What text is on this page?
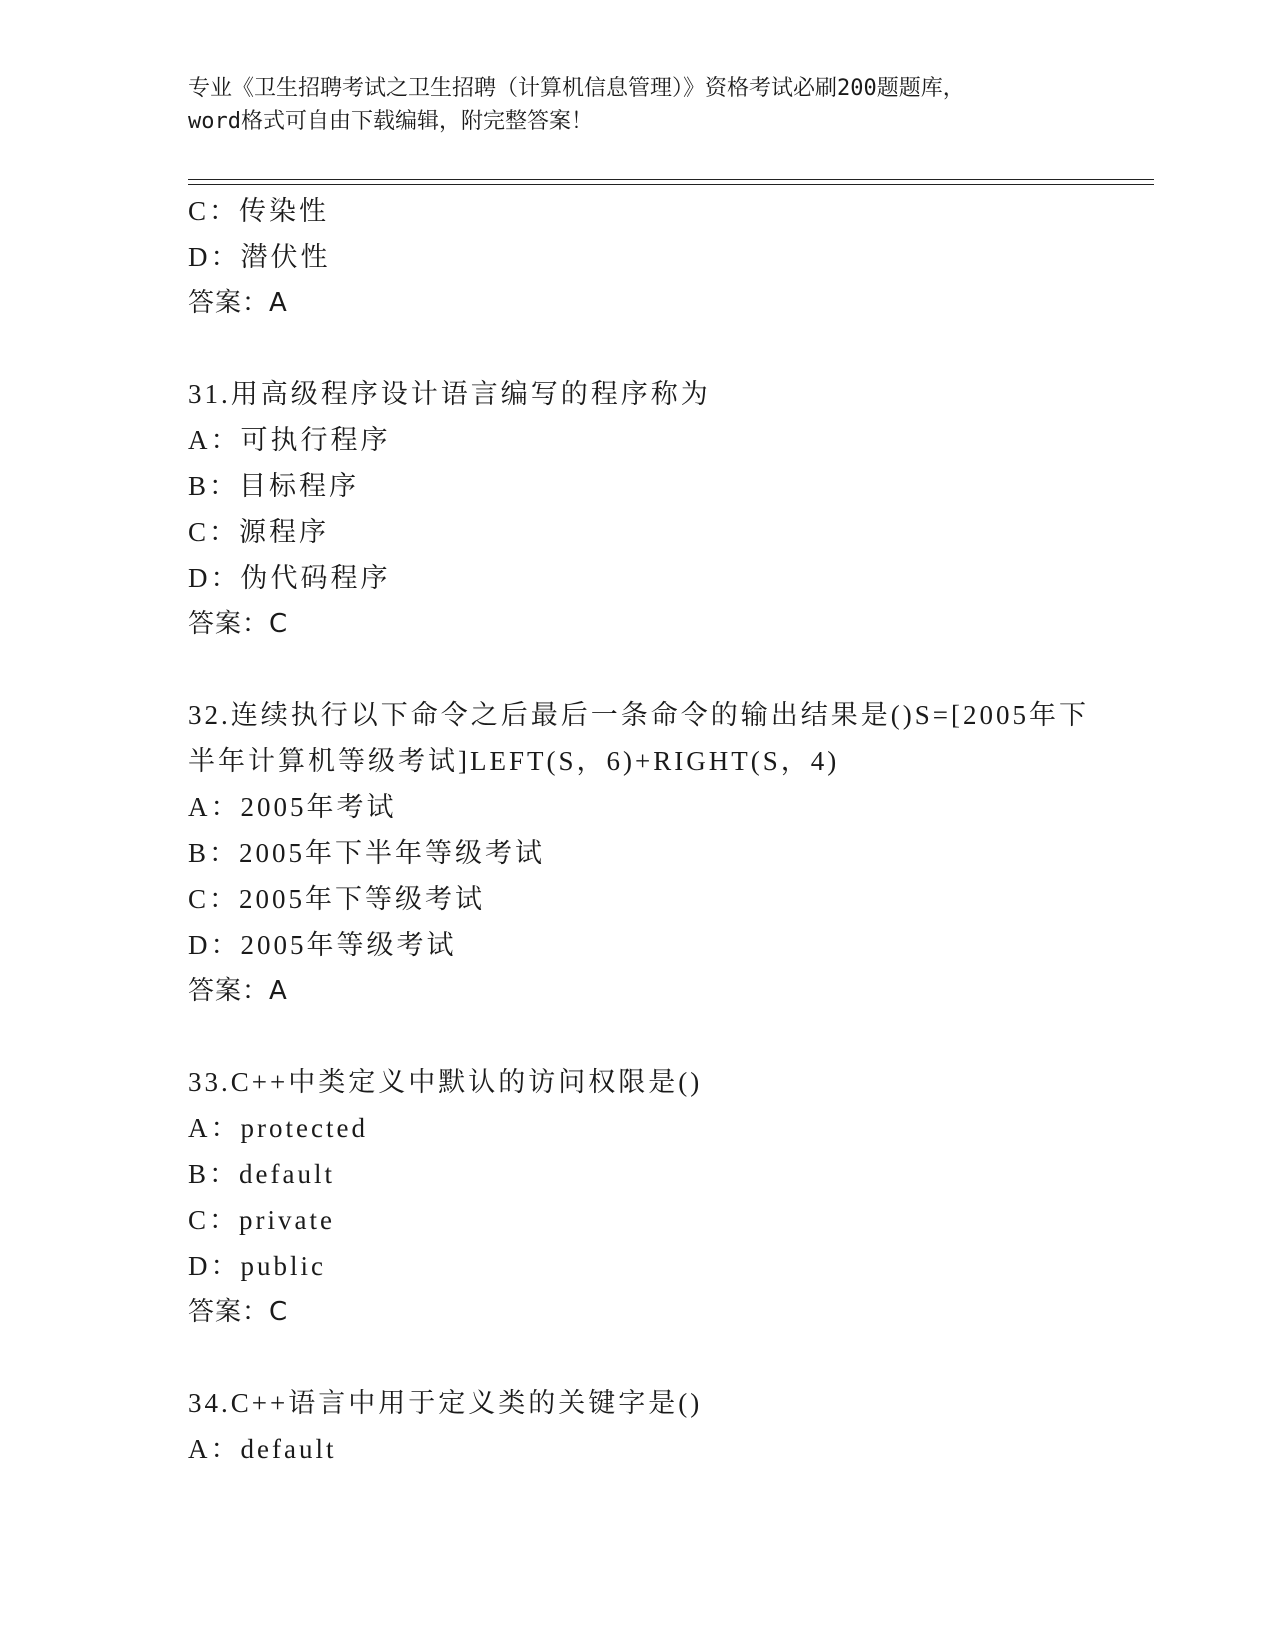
专业《卫生招聘考试之卫生招聘（计算机信息管理）》资格考试必刷200题题库，
word格式可自由下载编辑，附完整答案！
C：传染性
D：潜伏性
答案：A
31.用高级程序设计语言编写的程序称为
A：可执行程序
B：目标程序
C：源程序
D：伪代码程序
答案：C
32.连续执行以下命令之后最后一条命令的输出结果是()S=[2005年下
半年计算机等级考试]LEFT(S，6)+RIGHT(S，4)
A：2005年考试
B：2005年下半年等级考试
C：2005年下等级考试
D：2005年等级考试
答案：A
33.C++中类定义中默认的访问权限是()
A：protected
B：default
C：private
D：public
答案：C
34.C++语言中用于定义类的关键字是()
A：default
